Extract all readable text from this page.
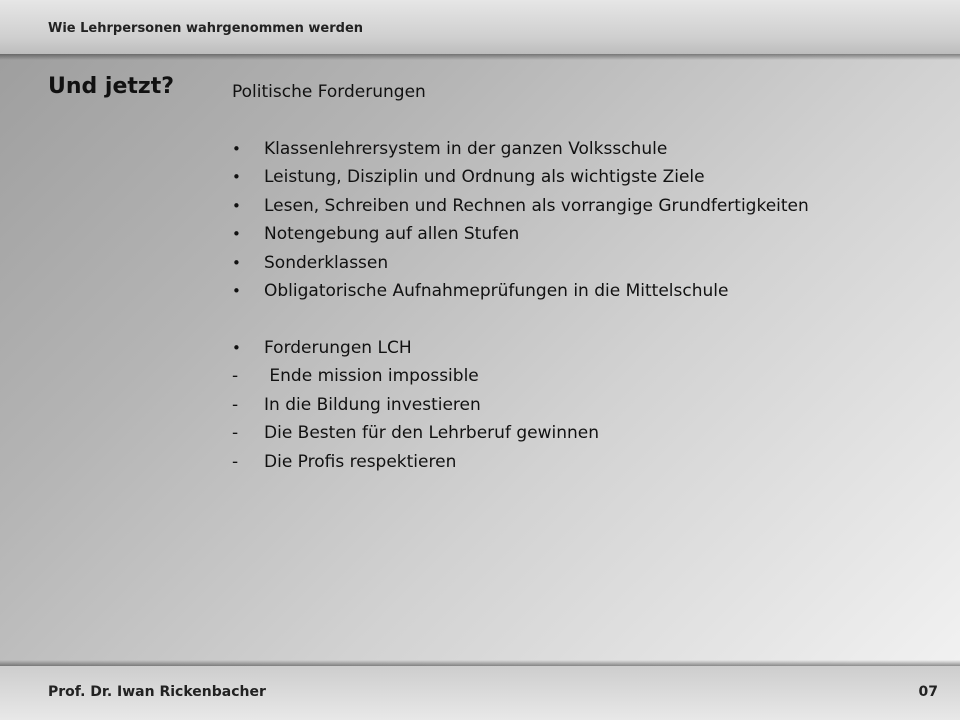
Wie Lehrpersonen wahrgenommen werden
Und jetzt?	Politische Forderungen
•	Klassenlehrersystem in der ganzen Volksschule
•	Leistung, Disziplin und Ordnung als wichtigste Ziele
•	Lesen, Schreiben und Rechnen als vorrangige Grundfertigkeiten
•	Notengebung auf allen Stufen
•	Sonderklassen
•	Obligatorische Aufnahmeprüfungen in die Mittelschule
•	Forderungen LCH
-	Ende mission impossible
-	In die Bildung investieren
-	Die Besten für den Lehrberuf gewinnen
-	Die Profis respektieren
Prof. Dr. Iwan Rickenbacher	07
